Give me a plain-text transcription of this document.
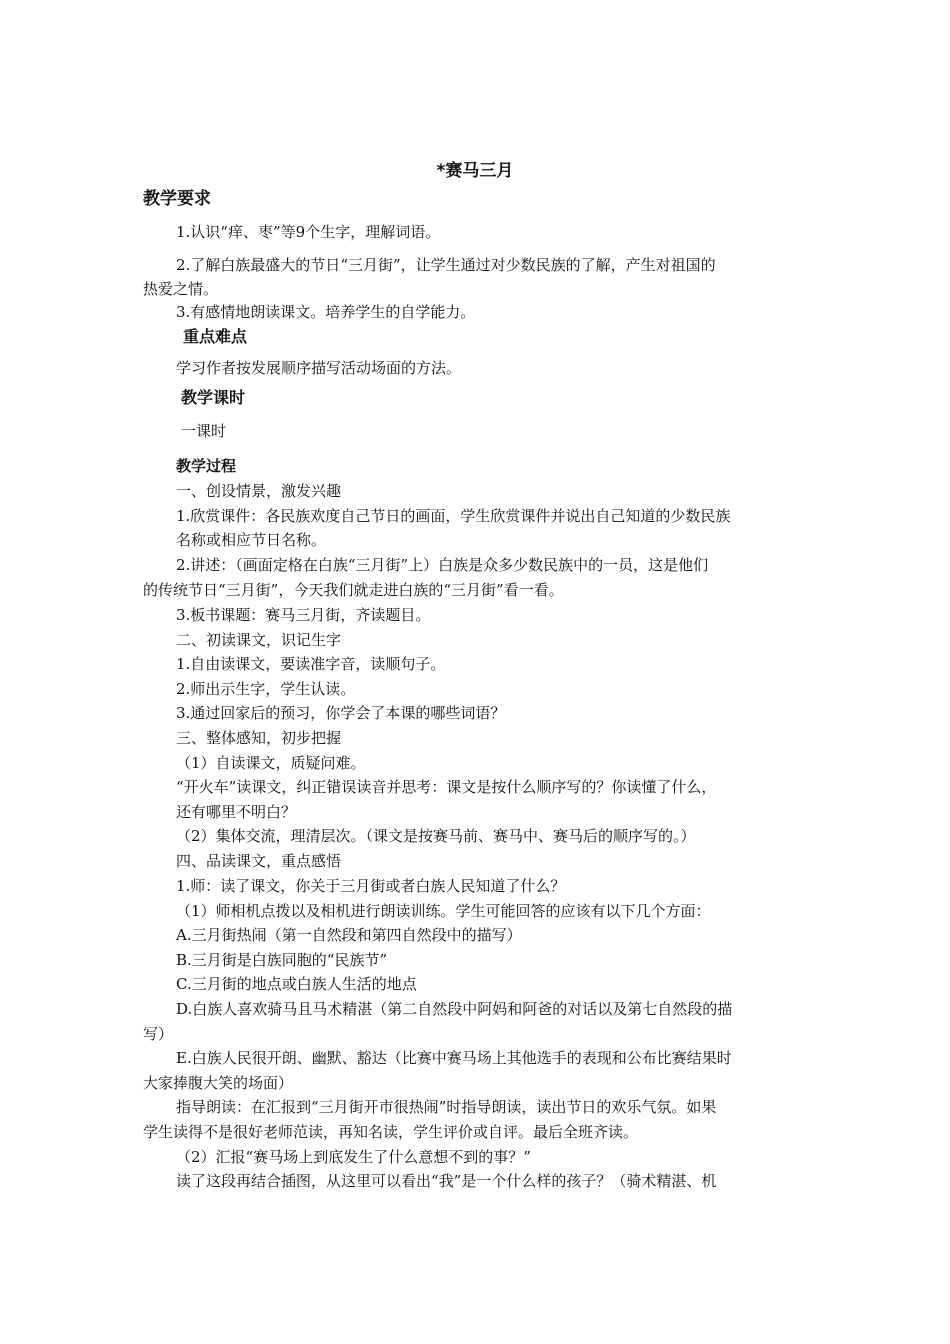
*赛马三月
教学要求
1.认识“痒、枣”等9个生字，理解词语。
2.了解白族最盛大的节日“三月街”，让学生通过对少数民族的了解，产生对祖国的
热爱之情。
3.有感情地朗读课文。培养学生的自学能力。
重点难点
学习作者按发展顺序描写活动场面的方法。
教学课时
一课时
教学过程
一、创设情景，激发兴趣
1.欣赏课件：各民族欢度自己节日的画面，学生欣赏课件并说出自己知道的少数民族
名称或相应节日名称。
2.讲述：（画面定格在白族“三月街”上）白族是众多少数民族中的一员，这是他们
的传统节日“三月街”，今天我们就走进白族的“三月街”看一看。
3.板书课题：赛马三月街，齐读题目。
二、初读课文，识记生字
1.自由读课文，要读准字音，读顺句子。
2.师出示生字，学生认读。
3.通过回家后的预习，你学会了本课的哪些词语？
三、整体感知，初步把握
（1）自读课文，质疑问难。
“开火车”读课文，纠正错误读音并思考：课文是按什么顺序写的？你读懂了什么，
还有哪里不明白？
（2）集体交流，理清层次。（课文是按赛马前、赛马中、赛马后的顺序写的。）
四、品读课文，重点感悟
1.师：读了课文，你关于三月街或者白族人民知道了什么？
（1）师相机点拨以及相机进行朗读训练。学生可能回答的应该有以下几个方面：
A.三月街热闹（第一自然段和第四自然段中的描写）
B.三月街是白族同胞的“民族节”
C.三月街的地点或白族人生活的地点
D.白族人喜欢骑马且马术精湛（第二自然段中阿妈和阿爸的对话以及第七自然段的描
写）
E.白族人民很开朗、幽默、豁达（比赛中赛马场上其他选手的表现和公布比赛结果时
大家捧腹大笑的场面）
指导朗读：在汇报到“三月街开市很热闹”时指导朗读，读出节日的欢乐气氛。如果
学生读得不是很好老师范读，再知名读，学生评价或自评。最后全班齐读。
（2）汇报“赛马场上到底发生了什么意想不到的事？”
读了这段再结合插图，从这里可以看出“我”是一个什么样的孩子？（骑术精湛、机
